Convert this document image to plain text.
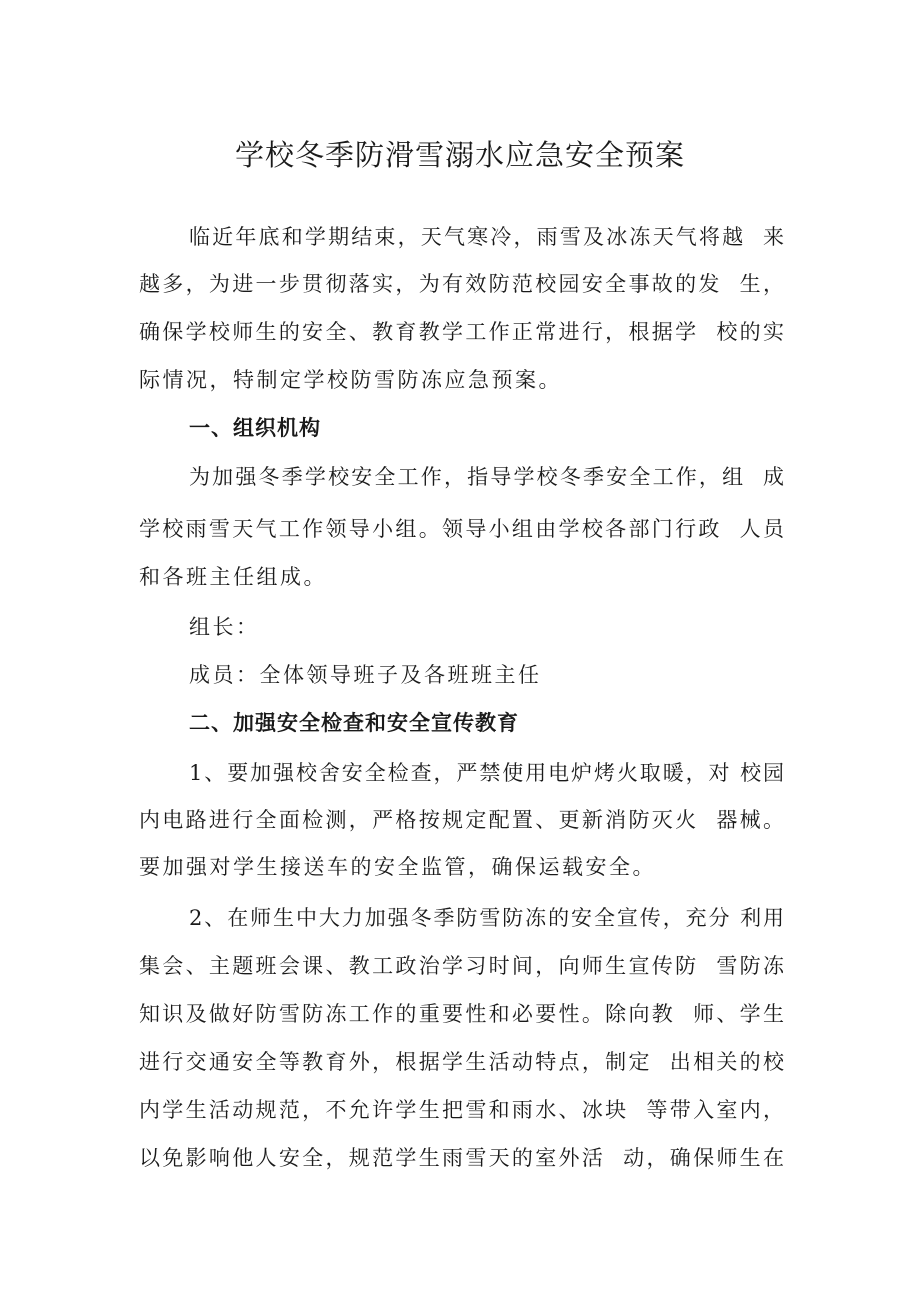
学校冬季防滑雪溺水应急安全预案

临近年底和学期结束，天气寒冷，雨雪及冰冻天气将越  来

越多，为进一步贯彻落实，为有效防范校园安全事故的发  生，

确保学校师生的安全、教育教学工作正常进行，根据学  校的实

际情况，特制定学校防雪防冻应急预案。

一、组织机构

为加强冬季学校安全工作，指导学校冬季安全工作，组  成

学校雨雪天气工作领导小组。领导小组由学校各部门行政  人员

和各班主任组成。

组长：

成员：全体领导班子及各班班主任

二、加强安全检查和安全宣传教育

1、要加强校舍安全检查，严禁使用电炉烤火取暖，对 校园

内电路进行全面检测，严格按规定配置、更新消防灭火  器械。

要加强对学生接送车的安全监管，确保运载安全。

2、在师生中大力加强冬季防雪防冻的安全宣传，充分 利用

集会、主题班会课、教工政治学习时间，向师生宣传防  雪防冻

知识及做好防雪防冻工作的重要性和必要性。除向教  师、学生

进行交通安全等教育外，根据学生活动特点，制定  出相关的校

内学生活动规范，不允许学生把雪和雨水、冰块  等带入室内，

以免影响他人安全，规范学生雨雪天的室外活  动，确保师生在
